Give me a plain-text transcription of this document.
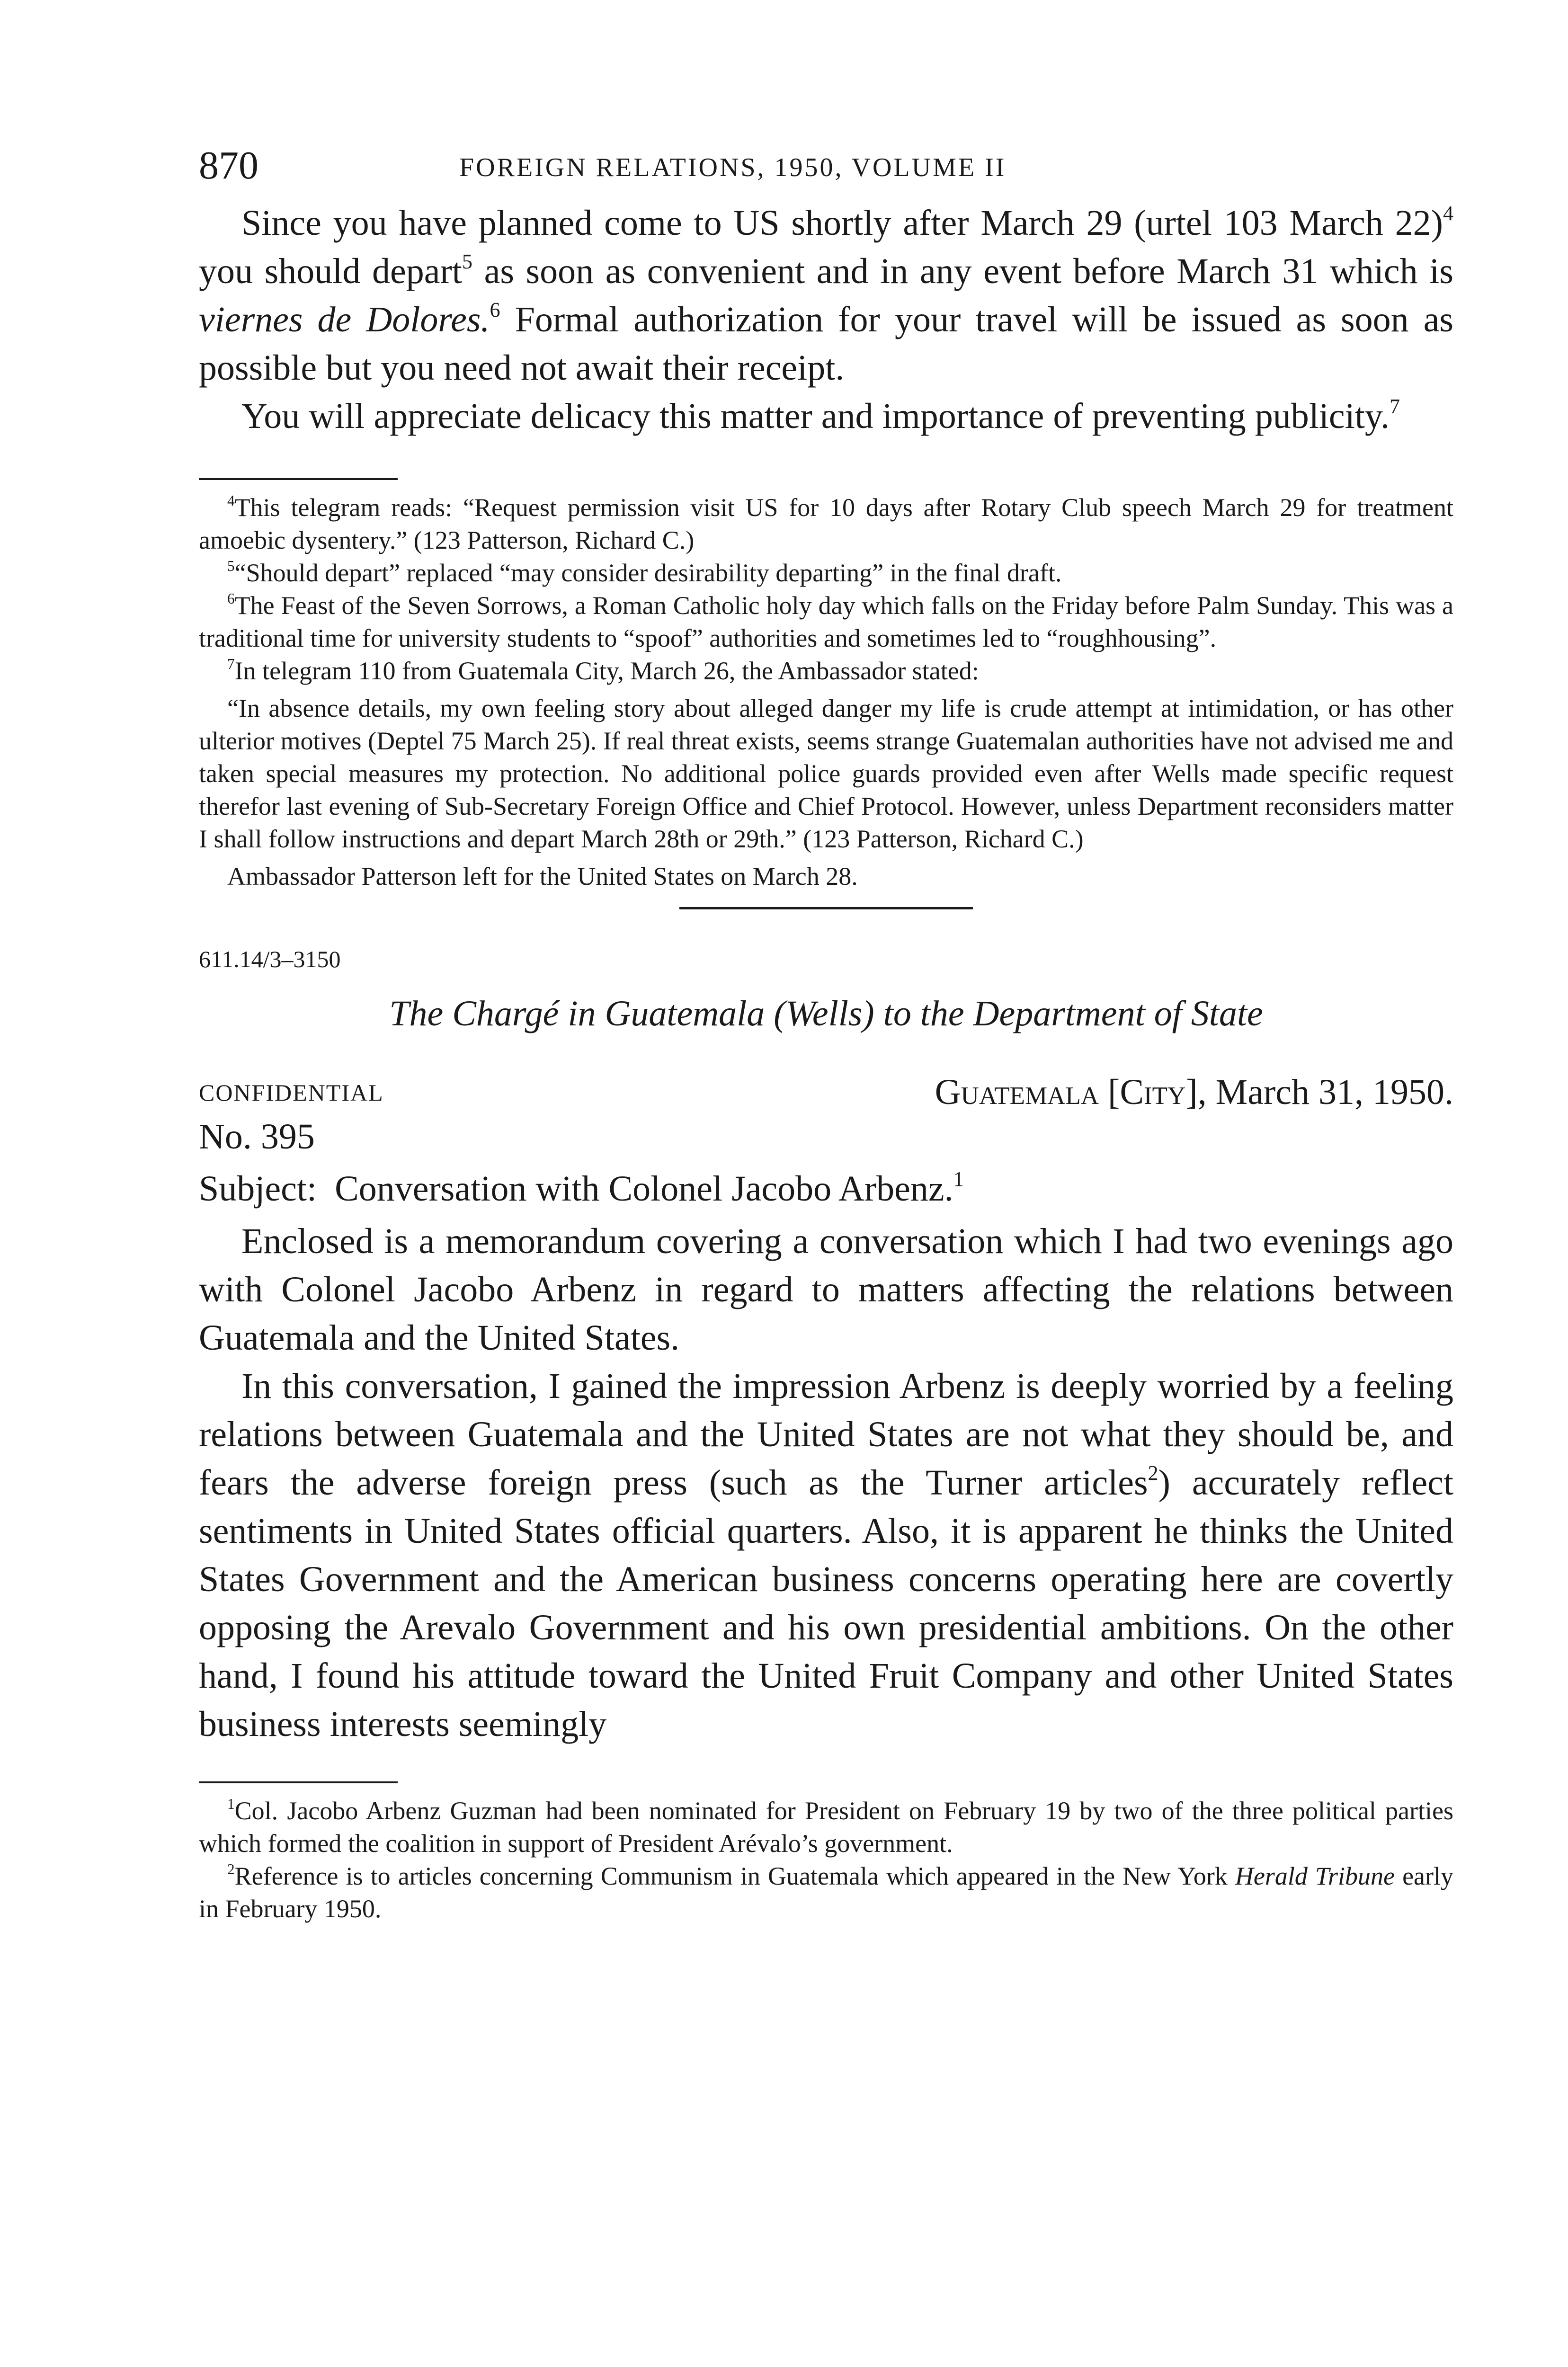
870	FOREIGN RELATIONS, 1950, VOLUME II

Since you have planned come to US shortly after March 29 (urtel 103 March 22)$^4$ you should depart$^5$ as soon as convenient and in any event before March 31 which is viernes de Dolores.$^6$ Formal authorization for your travel will be issued as soon as possible but you need not await their receipt.

You will appreciate delicacy this matter and importance of preventing publicity.$^7$

$^4$This telegram reads: “Request permission visit US for 10 days after Rotary Club speech March 29 for treatment amoebic dysentery.” (123 Patterson, Richard C.)

$^5$“Should depart” replaced “may consider desirability departing” in the final draft.

$^6$The Feast of the Seven Sorrows, a Roman Catholic holy day which falls on the Friday before Palm Sunday. This was a traditional time for university students to “spoof” authorities and sometimes led to “roughhousing”.

$^7$In telegram 110 from Guatemala City, March 26, the Ambassador stated:

“In absence details, my own feeling story about alleged danger my life is crude attempt at intimidation, or has other ulterior motives (Deptel 75 March 25). If real threat exists, seems strange Guatemalan authorities have not advised me and taken special measures my protection. No additional police guards provided even after Wells made specific request therefor last evening of Sub-Secretary Foreign Office and Chief Protocol. However, unless Department reconsiders matter I shall follow instructions and depart March 28th or 29th.” (123 Patterson, Richard C.)

Ambassador Patterson left for the United States on March 28.

611.14/3–3150
The Chargé in Guatemala (Wells) to the Department of State
CONFIDENTIAL	Guatemala [City], March 31, 1950.
No. 395
Subject: Conversation with Colonel Jacobo Arbenz.$^1$

Enclosed is a memorandum covering a conversation which I had two evenings ago with Colonel Jacobo Arbenz in regard to matters affecting the relations between Guatemala and the United States.

In this conversation, I gained the impression Arbenz is deeply worried by a feeling relations between Guatemala and the United States are not what they should be, and fears the adverse foreign press (such as the Turner articles$^2$) accurately reflect sentiments in United States official quarters. Also, it is apparent he thinks the United States Government and the American business concerns operating here are covertly opposing the Arevalo Government and his own presidential ambitions. On the other hand, I found his attitude toward the United Fruit Company and other United States business interests seemingly

$^1$Col. Jacobo Arbenz Guzman had been nominated for President on February 19 by two of the three political parties which formed the coalition in support of President Arévalo’s government.

$^2$Reference is to articles concerning Communism in Guatemala which appeared in the New York Herald Tribune early in February 1950.
